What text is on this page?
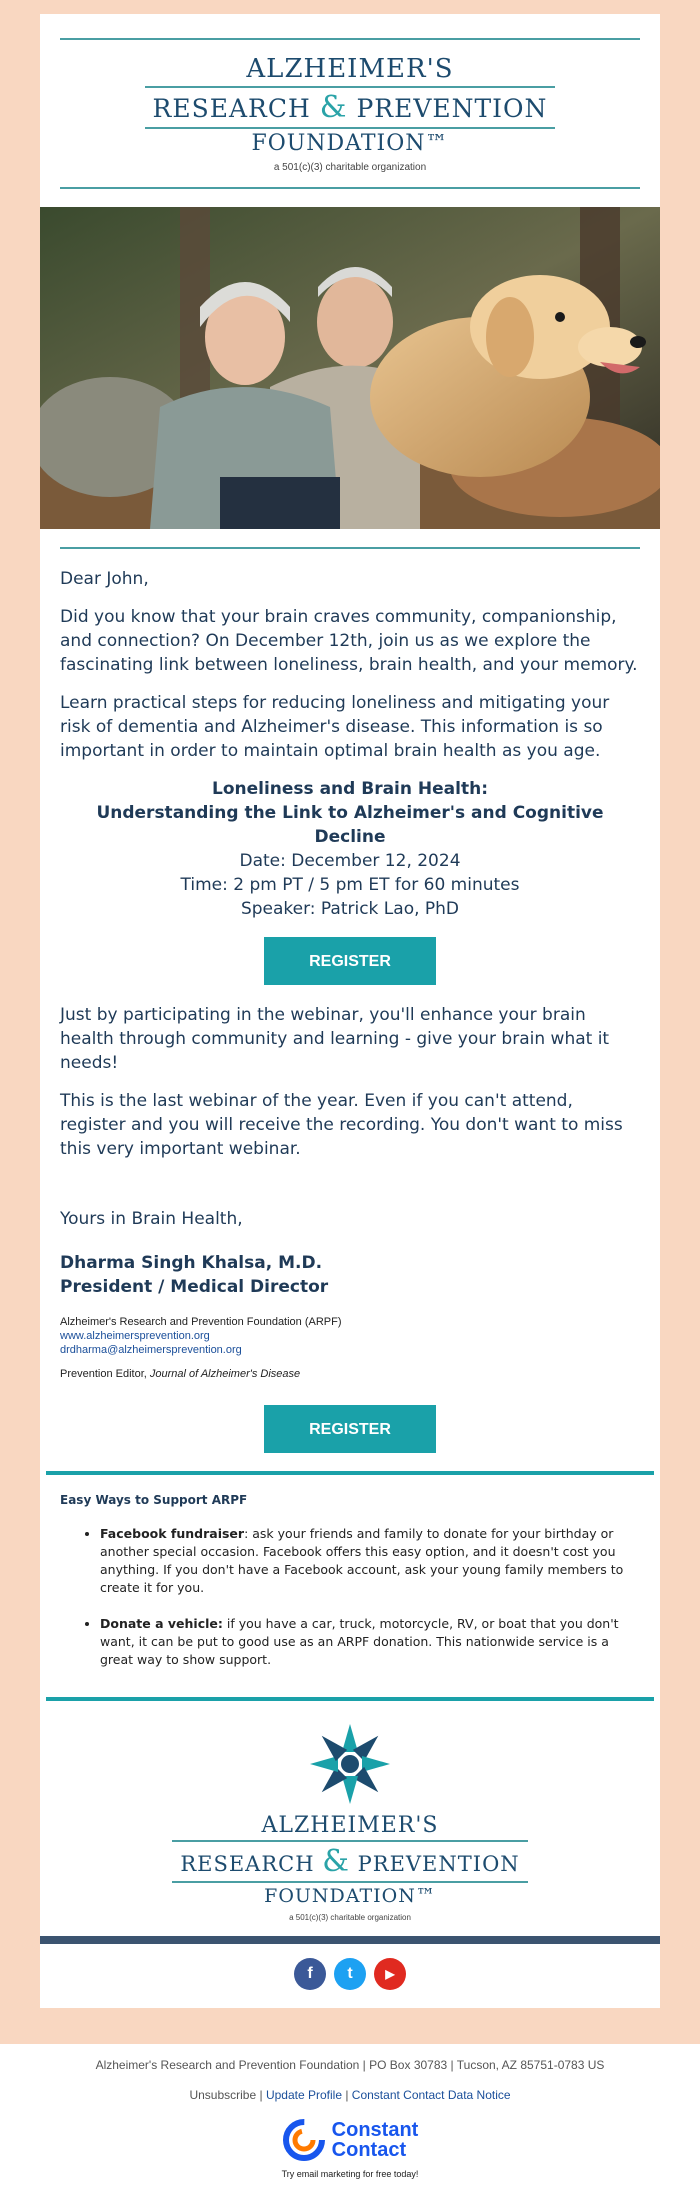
ALZHEIMER'S
RESEARCH & PREVENTION
FOUNDATION™
a 501(c)(3) charitable organization

Dear John,

Did you know that your brain craves community, companionship, and connection? On December 12th, join us as we explore the fascinating link between loneliness, brain health, and your memory.

Learn practical steps for reducing loneliness and mitigating your risk of dementia and Alzheimer's disease. This information is so important in order to maintain optimal brain health as you age.

Loneliness and Brain Health:
Understanding the Link to Alzheimer's and Cognitive Decline
Date: December 12, 2024
Time: 2 pm PT / 5 pm ET for 60 minutes
Speaker: Patrick Lao, PhD
REGISTER

Just by participating in the webinar, you'll enhance your brain health through community and learning - give your brain what it needs!

This is the last webinar of the year. Even if you can't attend, register and you will receive the recording. You don't want to miss this very important webinar.

Yours in Brain Health,

Dharma Singh Khalsa, M.D.
President / Medical Director
Alzheimer's Research and Prevention Foundation (ARPF)
www.alzheimersprevention.org
drdharma@alzheimersprevention.org
Prevention Editor, Journal of Alzheimer's Disease
REGISTER
Easy Ways to Support ARPF
• Facebook fundraiser: ask your friends and family to donate for your birthday or another special occasion. Facebook offers this easy option, and it doesn't cost you anything. If you don't have a Facebook account, ask your young family members to create it for you.
• Donate a vehicle: if you have a car, truck, motorcycle, RV, or boat that you don't want, it can be put to good use as an ARPF donation. This nationwide service is a great way to show support.
ALZHEIMER'S
RESEARCH & PREVENTION
FOUNDATION™
a 501(c)(3) charitable organization
f	t	▶
Alzheimer's Research and Prevention Foundation | PO Box 30783 | Tucson, AZ 85751-0783 US
Unsubscribe | Update Profile | Constant Contact Data Notice
Constant
Contact
Try email marketing for free today!
